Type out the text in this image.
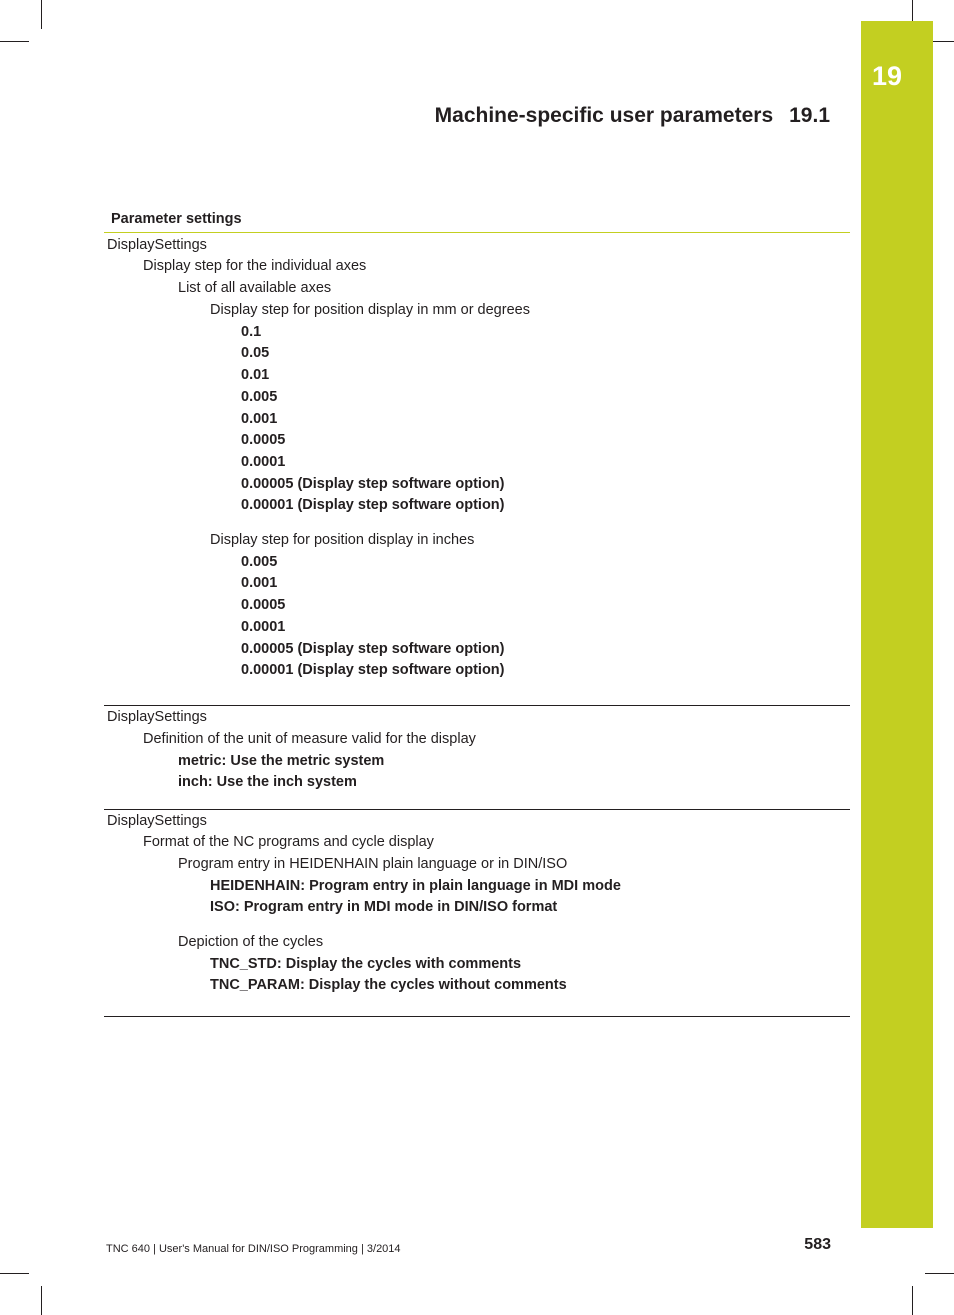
19
Machine-specific user parameters 19.1
Parameter settings
DisplaySettings
Display step for the individual axes
List of all available axes
Display step for position display in mm or degrees
0.1
0.05
0.01
0.005
0.001
0.0005
0.0001
0.00005 (Display step software option)
0.00001 (Display step software option)
Display step for position display in inches
0.005
0.001
0.0005
0.0001
0.00005 (Display step software option)
0.00001 (Display step software option)
DisplaySettings
Definition of the unit of measure valid for the display
metric: Use the metric system
inch: Use the inch system
DisplaySettings
Format of the NC programs and cycle display
Program entry in HEIDENHAIN plain language or in DIN/ISO
HEIDENHAIN: Program entry in plain language in MDI mode
ISO: Program entry in MDI mode in DIN/ISO format
Depiction of the cycles
TNC_STD: Display the cycles with comments
TNC_PARAM: Display the cycles without comments
TNC 640 | User's Manual for DIN/ISO Programming | 3/2014	583
